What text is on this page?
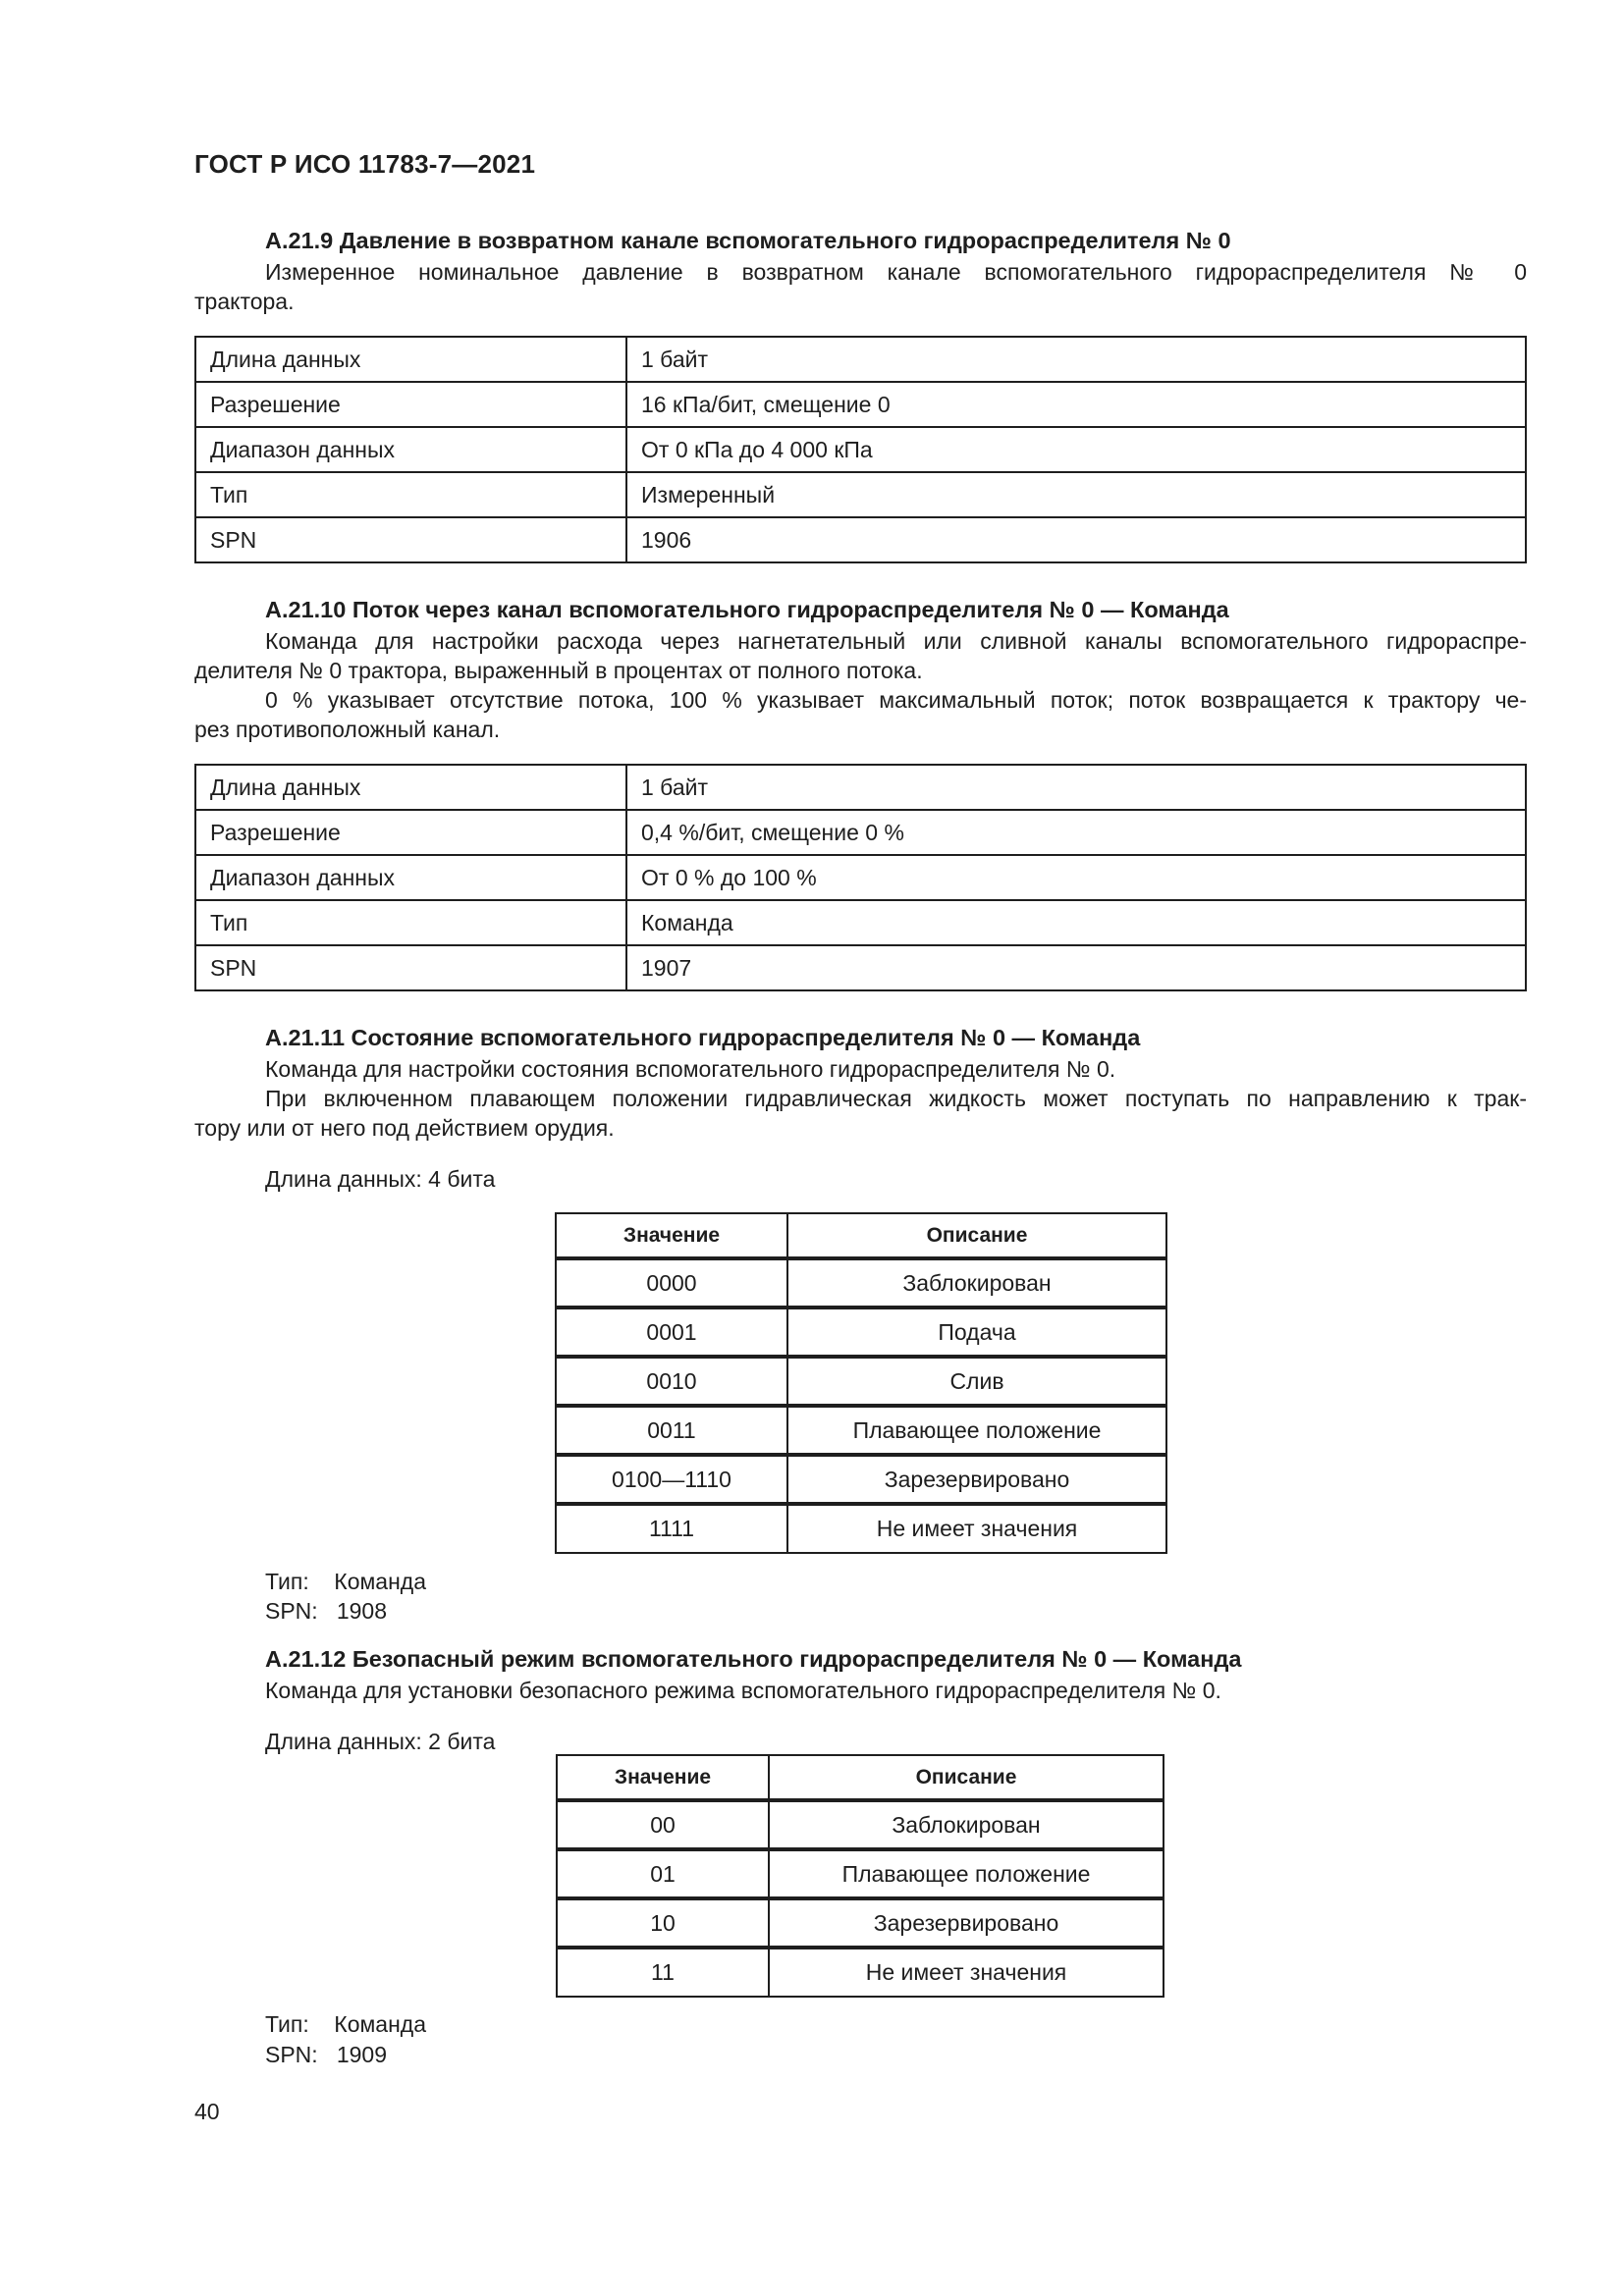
ГОСТ Р ИСО 11783-7—2021
A.21.9 Давление в возвратном канале вспомогательного гидрораспределителя № 0
Измеренное номинальное давление в возвратном канале вспомогательного гидрораспределителя № 0
трактора.
Длина данных	1 байт
Разрешение	16 кПа/бит, смещение 0
Диапазон данных	От 0 кПа до 4 000 кПа
Тип	Измеренный
SPN	1906
A.21.10 Поток через канал вспомогательного гидрораспределителя № 0 — Команда
Команда для настройки расхода через нагнетательный или сливной каналы вспомогательного гидрораспре-
делителя № 0 трактора, выраженный в процентах от полного потока.
0 % указывает отсутствие потока, 100 % указывает максимальный поток; поток возвращается к трактору че-
рез противоположный канал.
Длина данных	1 байт
Разрешение	0,4 %/бит, смещение 0 %
Диапазон данных	От 0 % до 100 %
Тип	Команда
SPN	1907
A.21.11 Состояние вспомогательного гидрораспределителя № 0 — Команда
Команда для настройки состояния вспомогательного гидрораспределителя № 0.
При включенном плавающем положении гидравлическая жидкость может поступать по направлению к трак-
тору или от него под действием орудия.
Длина данных: 4 бита
Значение	Описание
0000	Заблокирован
0001	Подача
0010	Слив
0011	Плавающее положение
0100—1110	Зарезервировано
1111	Не имеет значения
Тип:    Команда
SPN:   1908
A.21.12 Безопасный режим вспомогательного гидрораспределителя № 0 — Команда
Команда для установки безопасного режима вспомогательного гидрораспределителя № 0.
Длина данных: 2 бита
Значение	Описание
00	Заблокирован
01	Плавающее положение
10	Зарезервировано
11	Не имеет значения
Тип:    Команда
SPN:   1909
40
